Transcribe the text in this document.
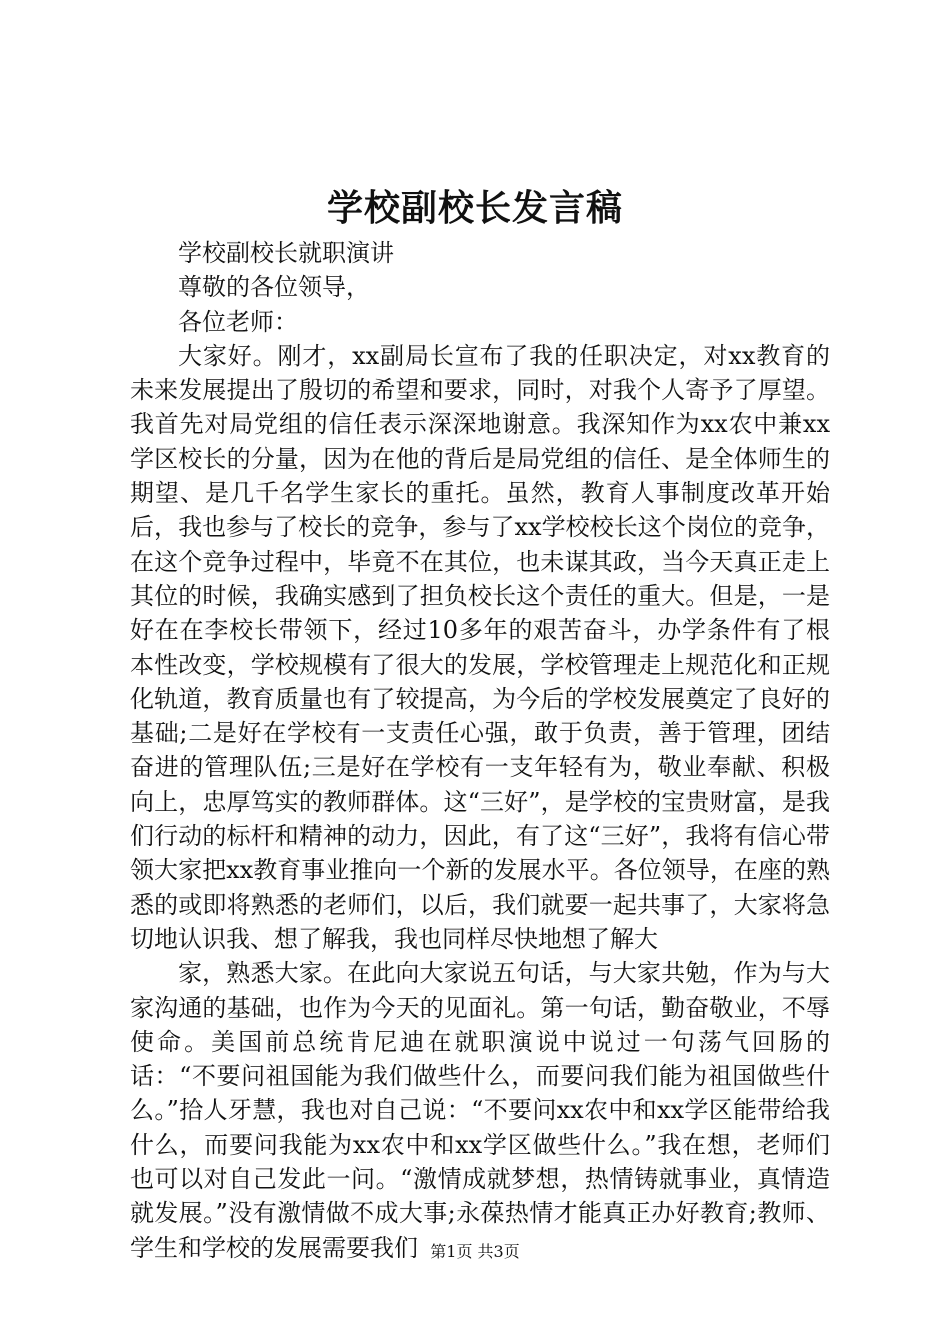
学校副校长发言稿

学校副校长就职演讲

尊敬的各位领导，

各位老师：

大家好。刚才，xx副局长宣布了我的任职决定，对xx教育的未来发展提出了殷切的希望和要求，同时，对我个人寄予了厚望。我首先对局党组的信任表示深深地谢意。我深知作为xx农中兼xx学区校长的分量，因为在他的背后是局党组的信任、是全体师生的期望、是几千名学生家长的重托。虽然，教育人事制度改革开始后，我也参与了校长的竞争，参与了xx学校校长这个岗位的竞争，在这个竞争过程中，毕竟不在其位，也未谋其政，当今天真正走上其位的时候，我确实感到了担负校长这个责任的重大。但是，一是好在在李校长带领下，经过10多年的艰苦奋斗，办学条件有了根本性改变，学校规模有了很大的发展，学校管理走上规范化和正规化轨道，教育质量也有了较提高，为今后的学校发展奠定了良好的基础;二是好在学校有一支责任心强，敢于负责，善于管理，团结奋进的管理队伍;三是好在学校有一支年轻有为，敬业奉献、积极向上，忠厚笃实的教师群体。这“三好”，是学校的宝贵财富，是我们行动的标杆和精神的动力，因此，有了这“三好”，我将有信心带领大家把xx教育事业推向一个新的发展水平。各位领导，在座的熟悉的或即将熟悉的老师们，以后，我们就要一起共事了，大家将急切地认识我、想了解我，我也同样尽快地想了解大

家，熟悉大家。在此向大家说五句话，与大家共勉，作为与大家沟通的基础，也作为今天的见面礼。第一句话，勤奋敬业，不辱使命。美国前总统肯尼迪在就职演说中说过一句荡气回肠的话：“不要问祖国能为我们做些什么，而要问我们能为祖国做些什么。”拾人牙慧，我也对自己说：“不要问xx农中和xx学区能带给我什么，而要问我能为xx农中和xx学区做些什么。”我在想，老师们也可以对自己发此一问。“激情成就梦想，热情铸就事业，真情造就发展。”没有激情做不成大事;永葆热情才能真正办好教育;教师、学生和学校的发展需要我们 第1页 共3页
